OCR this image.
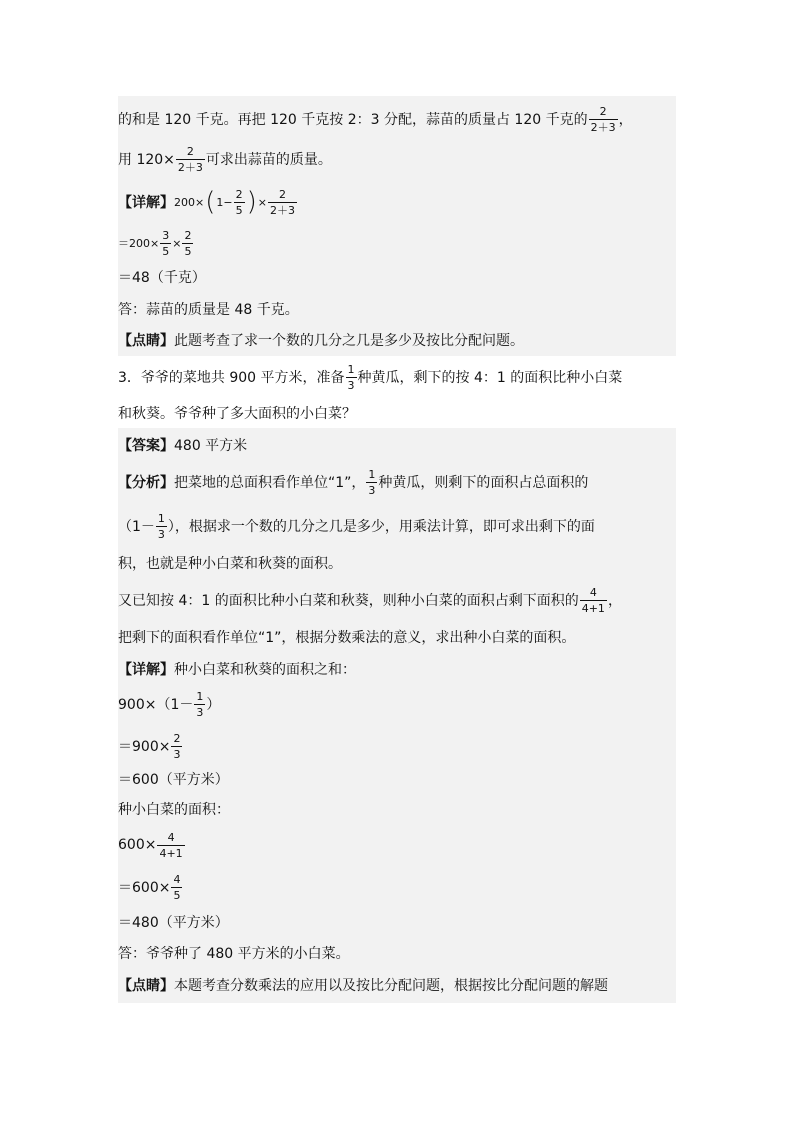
的和是 120 千克。再把 120 千克按 2：3 分配，蒜苗的质量占 120 千克的 $\frac{2}{2+3}$ ，
用 $120\times \frac{2}{2+3}$ 可求出蒜苗的质量。
【详解】 200× ( $1- \frac{2}{5}$ ) × $\frac{2}{2+3}$
$=200\times \frac{3}{5} \times \frac{2}{5}$
＝48（千克）
答：蒜苗的质量是 48 千克。
【点睛】 此题考查了求一个数的几分之几是多少及按比分配问题。
3．爷爷的菜地共 900 平方米，准备 $\frac{1}{3}$ 种黄瓜，剩下的按 4：1 的面积比种小白菜
和秋葵。爷爷种了多大面积的小白菜？
【答案】 480 平方米
【分析】 把菜地的总面积看作单位“1”， $\frac{1}{3}$ 种黄瓜，则剩下的面积占总面积的
（$1- \frac{1}{3}$ ），根据求一个数的几分之几是多少，用乘法计算，即可求出剩下的面
积，也就是种小白菜和秋葵的面积。
又已知按 4：1 的面积比种小白菜和秋葵，则种小白菜的面积占剩下面积的 $\frac{4}{4+1}$ ，
把剩下的面积看作单位“1”，根据分数乘法的意义，求出种小白菜的面积。
【详解】 种小白菜和秋葵的面积之和：
$900\times(1- \frac{1}{3}$ ）
$=900\times \frac{2}{3}$
＝600（平方米）
种小白菜的面积：
$600\times \frac{4}{4+1}$
$=600\times \frac{4}{5}$
＝480（平方米）
答：爷爷种了 480 平方米的小白菜。
【点睛】 本题考查分数乘法的应用以及按比分配问题，根据按比分配问题的解题
